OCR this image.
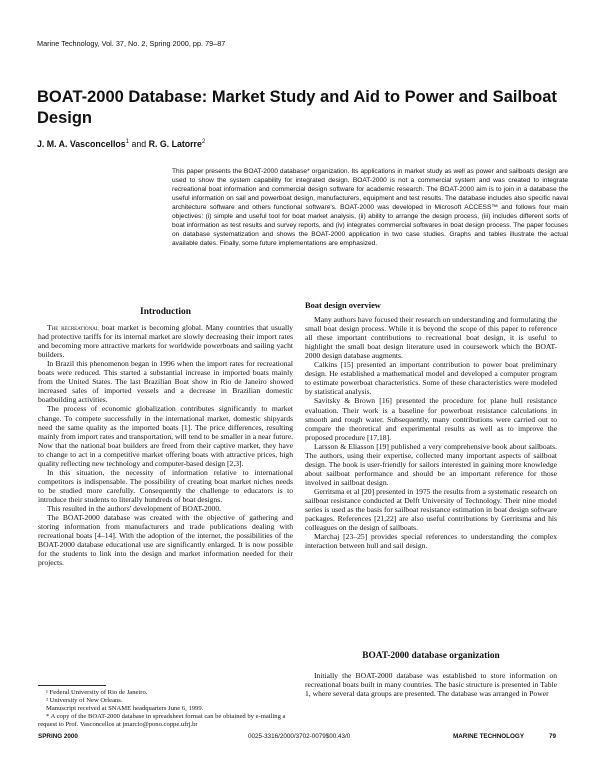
Marine Technology, Vol. 37, No. 2, Spring 2000, pp. 79–87
BOAT-2000 Database: Market Study and Aid to Power and Sailboat Design
J. M. A. Vasconcellos$^1$ and R. G. Latorre$^2$

This paper presents the BOAT-2000 database* organization. Its applications in market study as well as power and sailboats design are used to show the system capability for integrated design. BOAT-2000 is not a commercial system and was created to integrate recreational boat information and commercial design software for academic research. The BOAT-2000 aim is to join in a database the useful information on sail and powerboat design, manufacturers, equipment and test results. The database includes also specific naval architecture software and others functional software's. BOAT-2000 was developed in Microsoft ACCESS™ and follows four main objectives: (i) simple and useful tool for boat market analysis, (ii) ability to arrange the design process, (iii) includes different sorts of boat information as test results and survey reports, and (iv) integrates commercial softwares in boat design process. The paper focuses on database systematization and shows the BOAT-2000 application in two case studies. Graphs and tables illustrate the actual available dates. Finally, some future implementations are emphasized.

Introduction

The recreational boat market is becoming global. Many countries that usually had protective tariffs for its internal market are slowly decreasing their import rates and becoming more attractive markets for worldwide powerboats and sailing yacht builders.

In Brazil this phenomenon began in 1996 when the import rates for recreational boats were reduced. This started a substantial increase in imported boats mainly from the United States. The last Brazilian Boat show in Rio de Janeiro showed increased sales of imported vessels and a decrease in Brazilian domestic boatbuilding activities.

The process of economic globalization contributes significantly to market change. To compete successfully in the international market, domestic shipyards need the same quality as the imported boats [1]. The price differences, resulting mainly from import rates and transportation, will tend to be smaller in a near future. Now that the national boat builders are freed from their captive market, they have to change to act in a competitive market offering boats with attractive prices, high quality reflecting new technology and computer-based design [2,3].

In this situation, the necessity of information relative to international competitors is indispensable. The possibility of creating boat market niches needs to be studied more carefully. Consequently the challenge to educators is to introduce their students to literally hundreds of boat designs.

This resulted in the authors' development of BOAT-2000.

The BOAT-2000 database was created with the objective of gathering and storing information from manufacturers and trade publications dealing with recreational boats [4–14]. With the adoption of the internet, the possibilities of the BOAT-2000 database educational use are significantly enlarged. It is now possible for the students to link into the design and market information needed for their projects.

¹ Federal University of Rio de Janeiro.

² University of New Orleans.

Manuscript received at SNAME headquarters June 6, 1999.

* A copy of the BOAT-2000 database in spreadsheet format can be obtained by e-mailing a request to Prof. Vasconcellos at jmarcio@pono.coppe.ufrj.br

Boat design overview

Many authors have focused their research on understanding and formulating the small boat design process. While it is beyond the scope of this paper to reference all these important contributions to recreational boat design, it is useful to highlight the small boat design literature used in coursework which the BOAT-2000 design database augments.

Calkins [15] presented an important contribution to power boat preliminary design. He established a mathematical model and developed a computer program to estimate powerboat characteristics. Some of these characteristics were modeled by statistical analysis.

Savitsky & Brown [16] presented the procedure for plane hull resistance evaluation. Their work is a baseline for powerboat resistance calculations in smooth and rough water. Subsequently, many contributions were carried out to compare the theoretical and experimental results as well as to improve the proposed procedure [17,18].

Larsson & Eliasson [19] published a very comprehensive book about sailboats. The authors, using their expertise, collected many important aspects of sailboat design. The book is user-friendly for sailors interested in gaining more knowledge about sailboat performance and should be an important reference for those involved in sailboat design.

Gerritsma et al [20] presented in 1975 the results from a systematic research on sailboat resistance conducted at Delft University of Technology. Their nine model series is used as the basis for sailboat resistance estimation in boat design software packages. References [21,22] are also useful contributions by Gerritsma and his colleagues on the design of sailboats.

Marchaj [23–25] provides special references to understanding the complex interaction between hull and sail design.

BOAT-2000 database organization

Initially the BOAT-2000 database was established to store information on recreational boats built in many countries. The basic structure is presented in Table 1, where several data groups are presented. The database was arranged in Power

SPRING 2000	0025-3316/2000/3702-0079$00.43/0	MARINE TECHNOLOGY	79
